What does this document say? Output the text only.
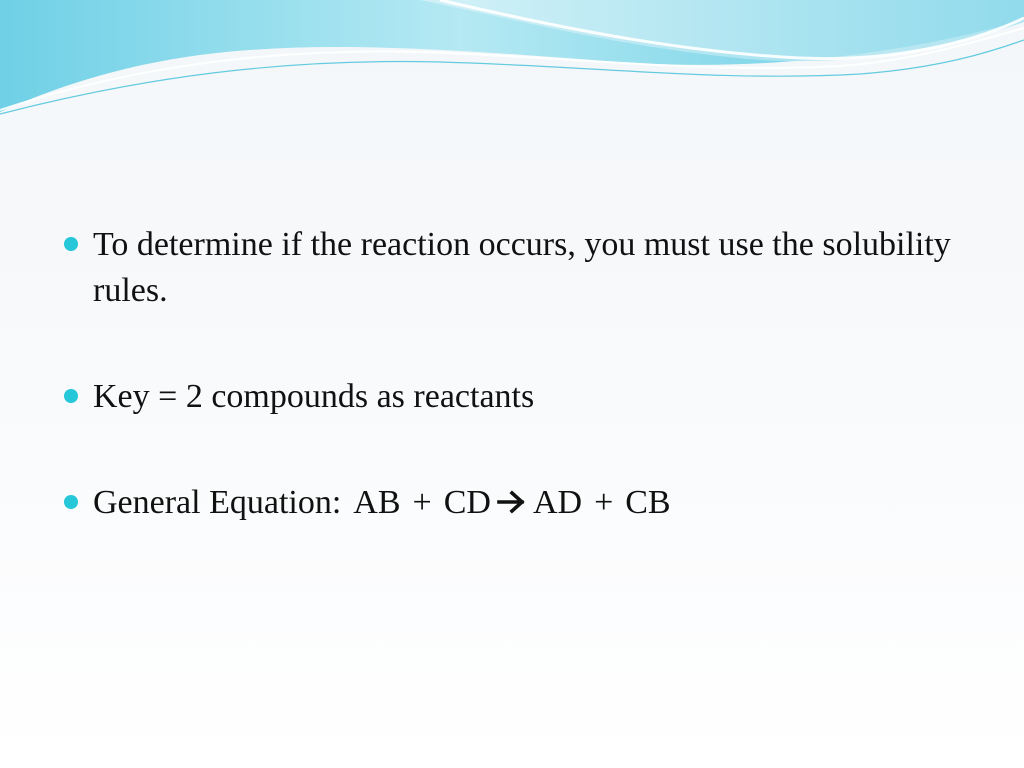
To determine if the reaction occurs, you must use the solubility rules.
Key = 2 compounds as reactants
General Equation: AB + CD AD + CB
